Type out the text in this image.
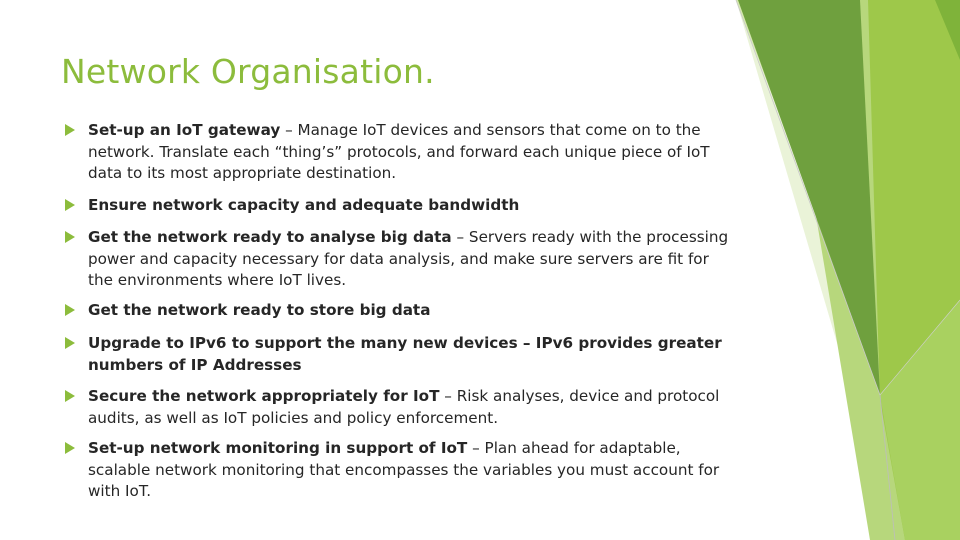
Network Organisation.
Set-up an IoT gateway – Manage IoT devices and sensors that come on to the network. Translate each “thing’s” protocols, and forward each unique piece of IoT data to its most appropriate destination.
Ensure network capacity and adequate bandwidth
Get the network ready to analyse big data – Servers ready with the processing power and capacity necessary for data analysis, and make sure servers are fit for the environments where IoT lives.
Get the network ready to store big data
Upgrade to IPv6 to support the many new devices – IPv6 provides greater numbers of IP Addresses
Secure the network appropriately for IoT – Risk analyses, device and protocol audits, as well as IoT policies and policy enforcement.
Set-up network monitoring in support of IoT – Plan ahead for adaptable, scalable network monitoring that encompasses the variables you must account for with IoT.
